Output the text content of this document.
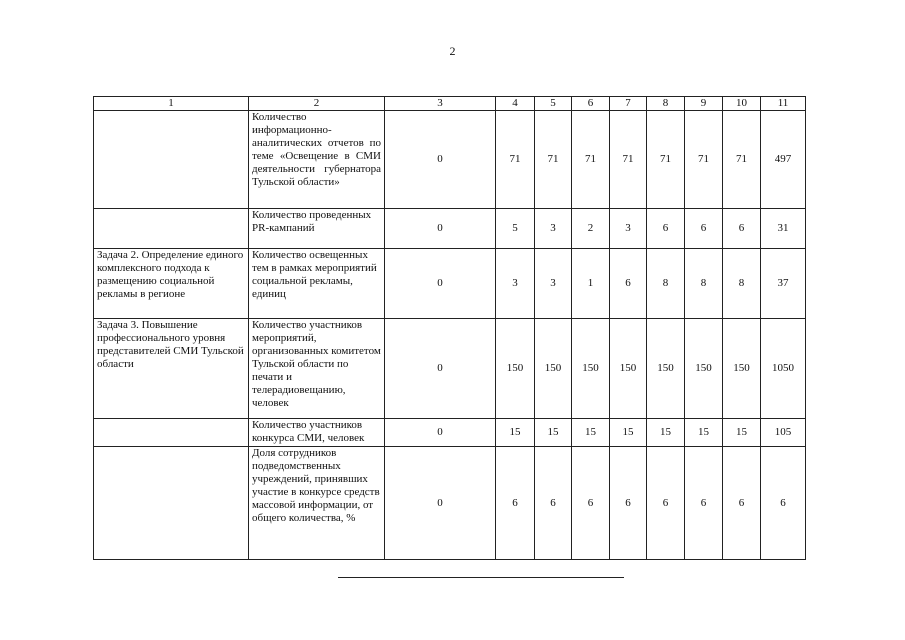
2
1	2	3	4	5	6	7	8	9	10	11
	Количество информационно-аналитических отчетов по теме «Освещение в СМИ деятельности губернатора Тульской области»	0	71	71	71	71	71	71	71	497
	Количество проведенных PR-кампаний	0	5	3	2	3	6	6	6	31
Задача 2. Определение единого комплексного подхода к размещению социальной рекламы в регионе	Количество освещенных тем в рамках мероприятий социальной рекламы, единиц	0	3	3	1	6	8	8	8	37
Задача 3. Повышение профессионального уровня представителей СМИ Тульской области	Количество участников мероприятий, организованных комитетом Тульской области по печати и телерадиовещанию, человек	0	150	150	150	150	150	150	150	1050
	Количество участников конкурса СМИ, человек	0	15	15	15	15	15	15	15	105
	Доля сотрудников подведомственных учреждений, принявших участие в конкурсе средств массовой информации, от общего количества, %	0	6	6	6	6	6	6	6	6
